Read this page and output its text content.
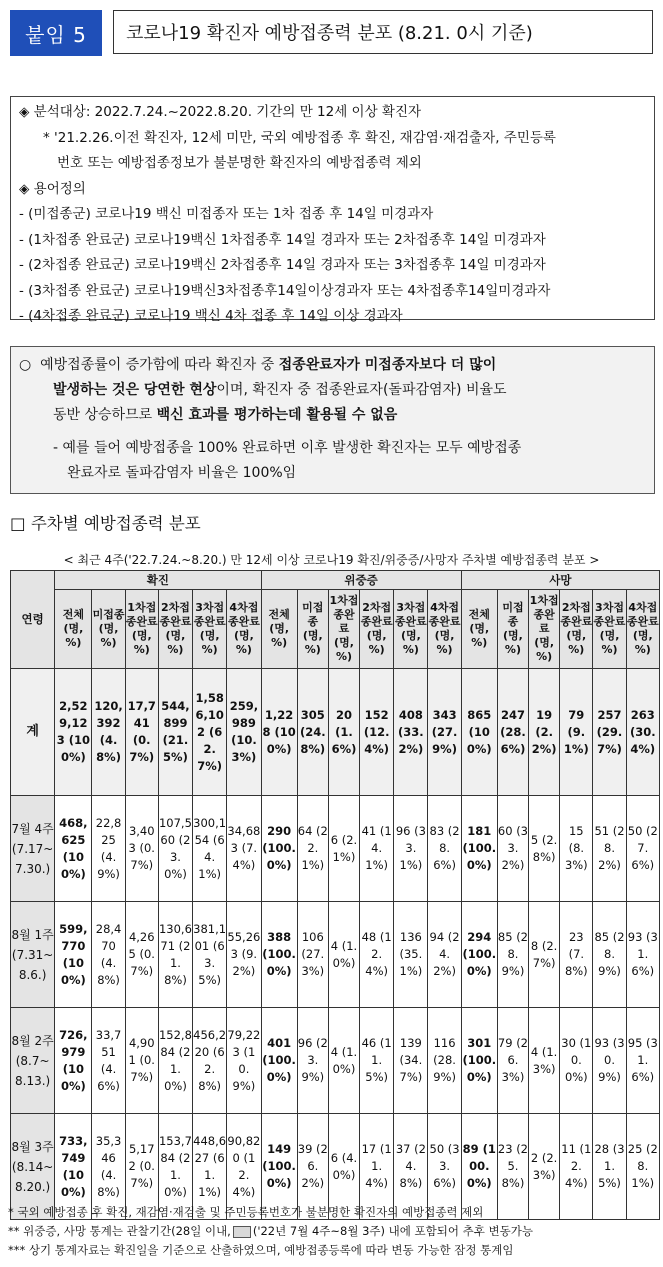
붙임 5	코로나19 확진자 예방접종력 분포 (8.21. 0시 기준)
◈ 분석대상: 2022.7.24.~2022.8.20. 기간의 만 12세 이상 확진자
* '21.2.26.이전 확진자, 12세 미만, 국외 예방접종 후 확진, 재감염·재검출자, 주민등록
번호 또는 예방접종정보가 불분명한 확진자의 예방접종력 제외
◈ 용어정의
- (미접종군) 코로나19 백신 미접종자 또는 1차 접종 후 14일 미경과자
- (1차접종 완료군) 코로나19백신 1차접종후 14일 경과자 또는 2차접종후 14일 미경과자
- (2차접종 완료군) 코로나19백신 2차접종후 14일 경과자 또는 3차접종후 14일 미경과자
- (3차접종 완료군) 코로나19백신3차접종후14일이상경과자 또는 4차접종후14일미경과자
- (4차접종 완료군) 코로나19 백신 4차 접종 후 14일 이상 경과자
○ 예방접종률이 증가함에 따라 확진자 중 접종완료자가 미접종자보다 더 많이
발생하는 것은 당연한 현상이며, 확진자 중 접종완료자(돌파감염자) 비율도
동반 상승하므로 백신 효과를 평가하는데 활용될 수 없음
- 예를 들어 예방접종을 100% 완료하면 이후 발생한 확진자는 모두 예방접종
완료자로 돌파감염자 비율은 100%임
□ 주차별 예방접종력 분포
< 최근 4주('22.7.24.~8.20.) 만 12세 이상 코로나19 확진/위중증/사망자 주차별 예방접종력 분포 >
연령	확진						위중증						사망					
	전체 (명, %)	미접종 (명, %)	1차접종완료 (명, %)	2차접종완료 (명, %)	3차접종완료 (명, %)	4차접종완료 (명, %)	전체 (명, %)	미접종 (명, %)	1차접종완료 (명, %)	2차접종완료 (명, %)	3차접종완료 (명, %)	4차접종완료 (명, %)	전체 (명, %)	미접종 (명, %)	1차접종완료 (명, %)	2차접종완료 (명, %)	3차접종완료 (명, %)	4차접종완료 (명, %)
계	2,529,123 (100%)	120,392 (4.8%)	17,741 (0.7%)	544,899 (21.5%)	1,586,102 (62.7%)	259,989 (10.3%)	1,228 (100%)	305 (24.8%)	20 (1.6%)	152 (12.4%)	408 (33.2%)	343 (27.9%)	865 (100%)	247 (28.6%)	19 (2.2%)	79 (9.1%)	257 (29.7%)	263 (30.4%)
7월 4주 (7.17~7.30.)	468,625 (100%)	22,825 (4.9%)	3,403 (0.7%)	107,560 (23.0%)	300,154 (64.1%)	34,683 (7.4%)	290 (100.0%)	64 (22.1%)	6 (2.1%)	41 (14.1%)	96 (33.1%)	83 (28.6%)	181 (100.0%)	60 (33.2%)	5 (2.8%)	15 (8.3%)	51 (28.2%)	50 (27.6%)
8월 1주 (7.31~8.6.)	599,770 (100%)	28,470 (4.8%)	4,265 (0.7%)	130,671 (21.8%)	381,101 (63.5%)	55,263 (9.2%)	388 (100.0%)	106 (27.3%)	4 (1.0%)	48 (12.4%)	136 (35.1%)	94 (24.2%)	294 (100.0%)	85 (28.9%)	8 (2.7%)	23 (7.8%)	85 (28.9%)	93 (31.6%)
8월 2주 (8.7~8.13.)	726,979 (100%)	33,751 (4.6%)	4,901 (0.7%)	152,884 (21.0%)	456,220 (62.8%)	79,223 (10.9%)	401 (100.0%)	96 (23.9%)	4 (1.0%)	46 (11.5%)	139 (34.7%)	116 (28.9%)	301 (100.0%)	79 (26.3%)	4 (1.3%)	30 (10.0%)	93 (30.9%)	95 (31.6%)
8월 3주 (8.14~8.20.)	733,749 (100%)	35,346 (4.8%)	5,172 (0.7%)	153,784 (21.0%)	448,627 (61.1%)	90,820 (12.4%)	149 (100.0%)	39 (26.2%)	6 (4.0%)	17 (11.4%)	37 (24.8%)	50 (33.6%)	89 (100.0%)	23 (25.8%)	2 (2.3%)	11 (12.4%)	28 (31.5%)	25 (28.1%)
* 국외 예방접종 후 확진, 재감염·재검출 및 주민등록번호가 불분명한 확진자의 예방접종력 제외
** 위중증, 사망 통계는 관찰기간(28일 이내, ('22년 7월 4주~8월 3주) 내에 포함되어 추후 변동가능
*** 상기 통계자료는 확진일을 기준으로 산출하였으며, 예방접종등록에 따라 변동 가능한 잠정 통계임
